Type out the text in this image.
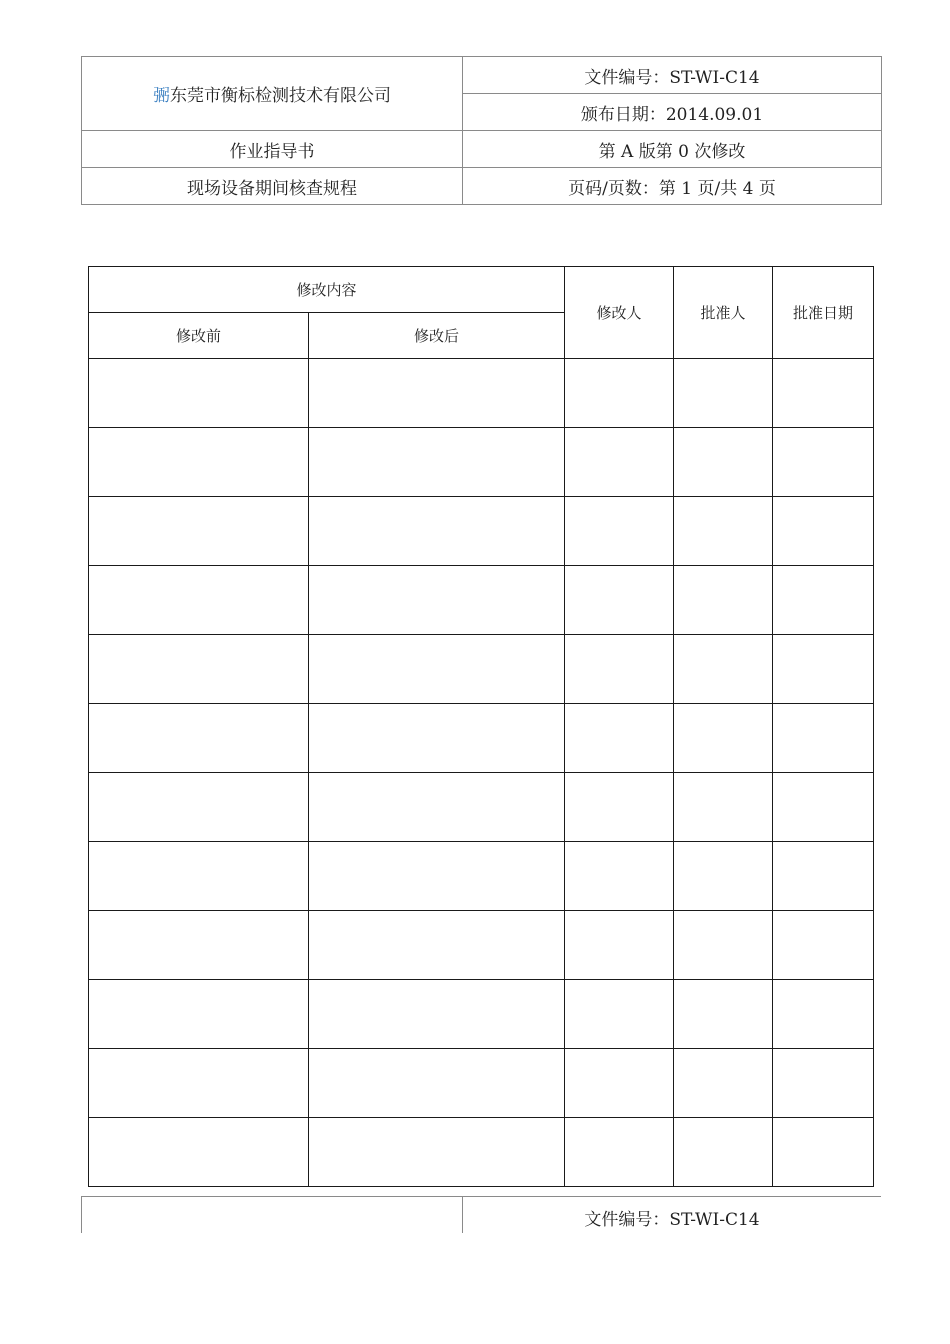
弻东莞市衡标检测技术有限公司	文件编号：ST-WI-C14
	颁布日期：2014.09.01
作业指导书	第 A 版第 0 次修改
现场设备期间核查规程	页码/页数：第 1 页/共 4 页
修改内容		修改人	批准人	批准日期
修改前	修改后			

	文件编号：ST-WI-C14
